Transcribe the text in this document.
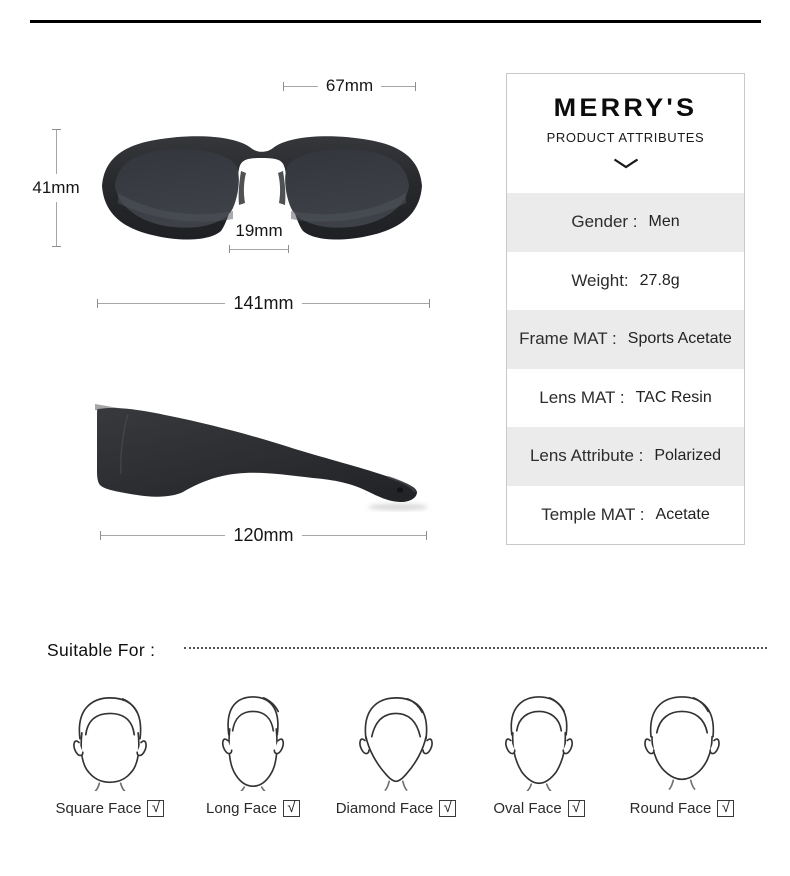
67mm
41mm
19mm
141mm
120mm
MERRY'S
PRODUCT ATTRIBUTES
Gender : Men
Weight: 27.8g
Frame MAT : Sports Acetate
Lens MAT : TAC Resin
Lens Attribute : Polarized
Temple MAT : Acetate
Suitable For :
Square Face √	Long Face √	Diamond Face √	Oval Face √	Round Face √
